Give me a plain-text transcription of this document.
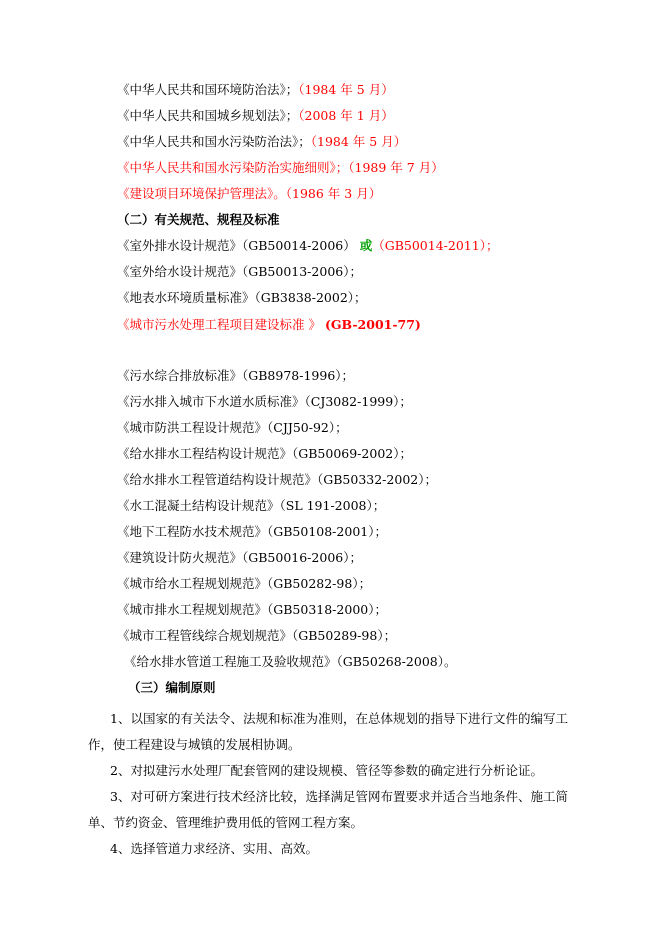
《中华人民共和国环境防治法》；（1984 年 5 月）
《中华人民共和国城乡规划法》；（2008 年 1 月）
《中华人民共和国水污染防治法》；（1984 年 5 月）
《中华人民共和国水污染防治实施细则》；（1989 年 7 月）
《建设项目环境保护管理法》。（1986 年 3 月）
（二）有关规范、规程及标准
《室外排水设计规范》（GB50014-2006） 或（GB50014-2011）；
《室外给水设计规范》（GB50013-2006）；
《地表水环境质量标准》（GB3838-2002）；
《城市污水处理工程项目建设标准 》 (GB-2001-77)
《污水综合排放标准》（GB8978-1996）；
《污水排入城市下水道水质标准》（CJ3082-1999）；
《城市防洪工程设计规范》（CJJ50-92）；
《给水排水工程结构设计规范》（GB50069-2002）；
《给水排水工程管道结构设计规范》（GB50332-2002）；
《水工混凝土结构设计规范》（SL 191-2008）；
《地下工程防水技术规范》（GB50108-2001）；
《建筑设计防火规范》（GB50016-2006）；
《城市给水工程规划规范》（GB50282-98）；
《城市排水工程规划规范》（GB50318-2000）；
《城市工程管线综合规划规范》（GB50289-98）；
《给水排水管道工程施工及验收规范》（GB50268-2008）。
（三）编制原则
1、以国家的有关法令、法规和标准为准则，在总体规划的指导下进行文件的编写工作，使工程建设与城镇的发展相协调。
2、对拟建污水处理厂配套管网的建设规模、管径等参数的确定进行分析论证。
3、对可研方案进行技术经济比较，选择满足管网布置要求并适合当地条件、施工简单、节约资金、管理维护费用低的管网工程方案。
4、选择管道力求经济、实用、高效。
